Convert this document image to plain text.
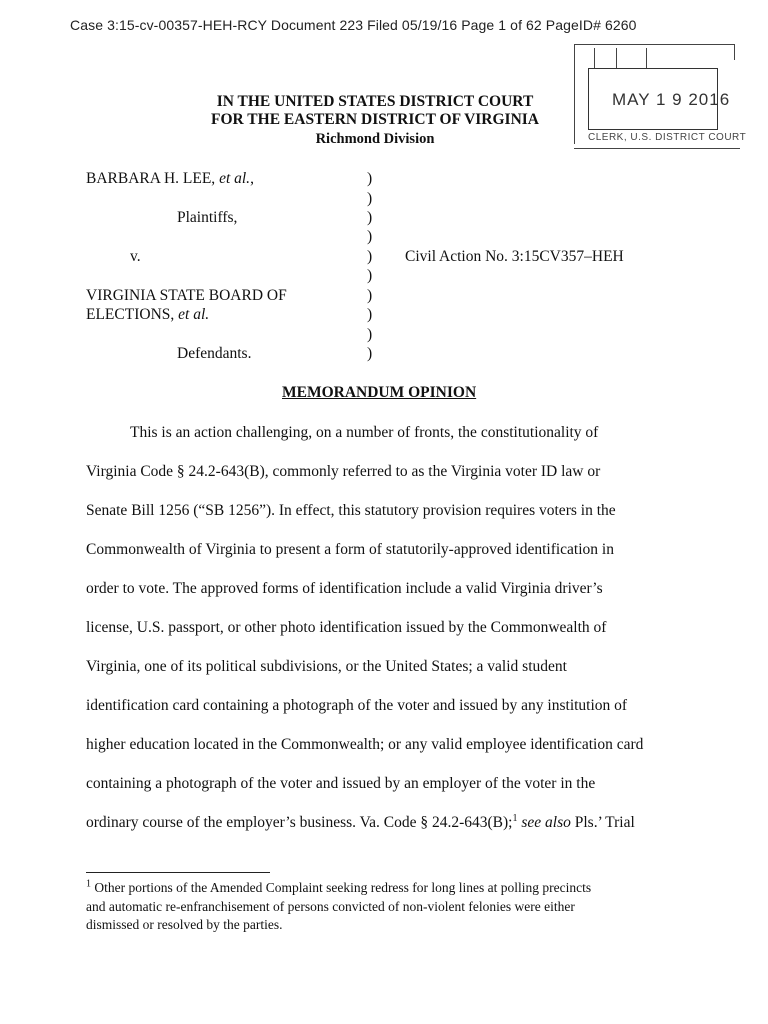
Case 3:15-cv-00357-HEH-RCY Document 223 Filed 05/19/16 Page 1 of 62 PageID# 6260
IN THE UNITED STATES DISTRICT COURT
FOR THE EASTERN DISTRICT OF VIRGINIA
Richmond Division
MAY 1 9 2016
CLERK, U.S. DISTRICT COURT
BARBARA H. LEE, et al.,
Plaintiffs,
v.	Civil Action No. 3:15CV357–HEH
VIRGINIA STATE BOARD OF
ELECTIONS, et al.
Defendants.
)
)
)
)
)
)
)
)
)
)
MEMORANDUM OPINION
This is an action challenging, on a number of fronts, the constitutionality of
Virginia Code § 24.2-643(B), commonly referred to as the Virginia voter ID law or
Senate Bill 1256 (“SB 1256”). In effect, this statutory provision requires voters in the
Commonwealth of Virginia to present a form of statutorily-approved identification in
order to vote. The approved forms of identification include a valid Virginia driver’s
license, U.S. passport, or other photo identification issued by the Commonwealth of
Virginia, one of its political subdivisions, or the United States; a valid student
identification card containing a photograph of the voter and issued by any institution of
higher education located in the Commonwealth; or any valid employee identification card
containing a photograph of the voter and issued by an employer of the voter in the
ordinary course of the employer’s business. Va. Code § 24.2-643(B);$^1$ see also Pls.’ Trial
$^1$ Other portions of the Amended Complaint seeking redress for long lines at polling precincts
and automatic re-enfranchisement of persons convicted of non-violent felonies were either
dismissed or resolved by the parties.
